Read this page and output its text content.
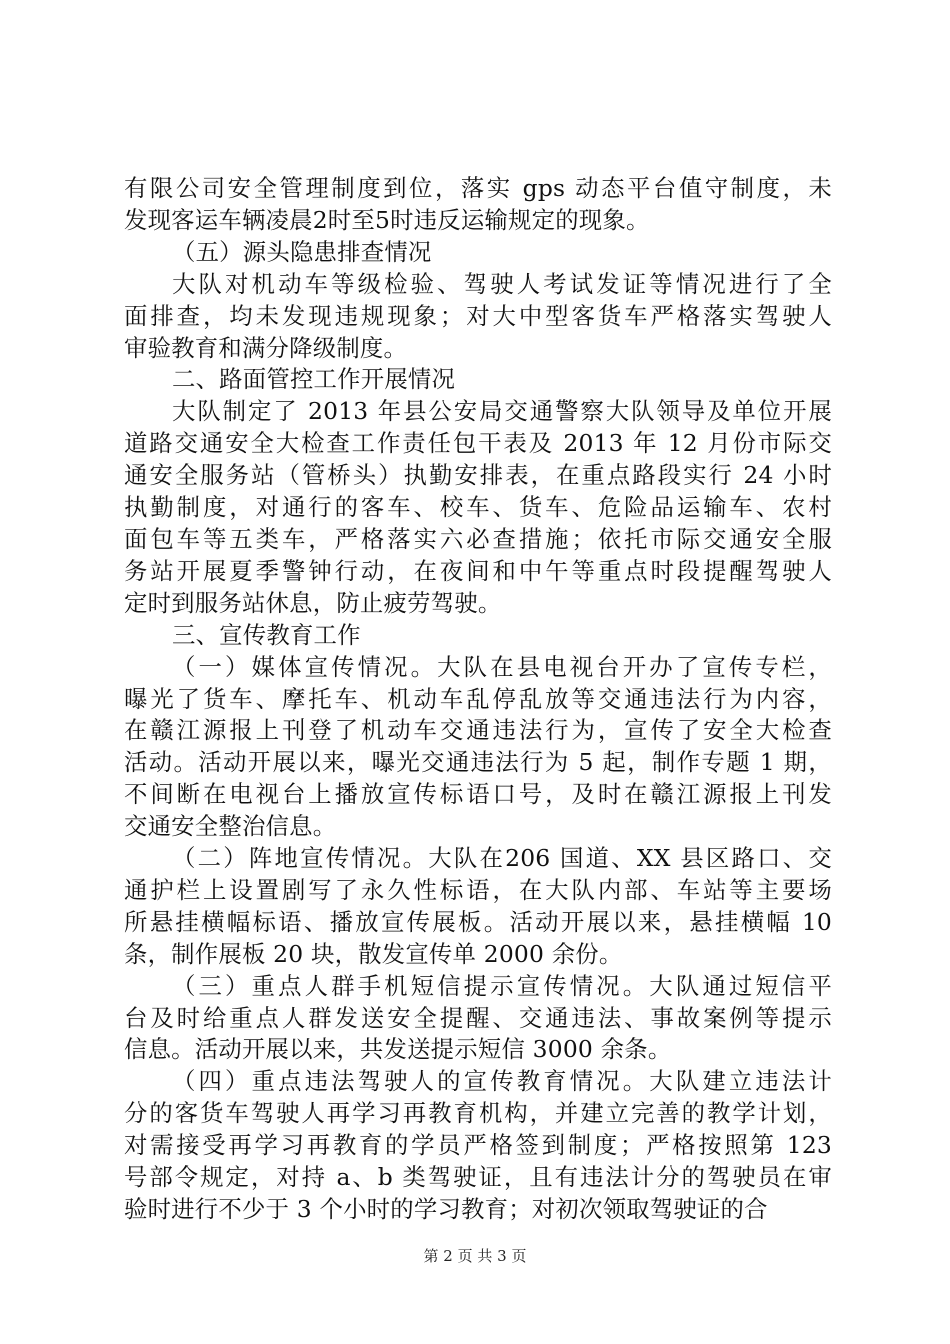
有限公司安全管理制度到位，落实 gps 动态平台值守制度，未
发现客运车辆凌晨2时至5时违反运输规定的现象。
（五）源头隐患排查情况
大队对机动车等级检验、驾驶人考试发证等情况进行了全
面排查，均未发现违规现象；对大中型客货车严格落实驾驶人
审验教育和满分降级制度。
二、路面管控工作开展情况
大队制定了 2013 年县公安局交通警察大队领导及单位开展
道路交通安全大检查工作责任包干表及 2013 年 12 月份市际交
通安全服务站（管桥头）执勤安排表，在重点路段实行 24 小时
执勤制度，对通行的客车、校车、货车、危险品运输车、农村
面包车等五类车，严格落实六必查措施；依托市际交通安全服
务站开展夏季警钟行动，在夜间和中午等重点时段提醒驾驶人
定时到服务站休息，防止疲劳驾驶。
三、宣传教育工作
（一）媒体宣传情况。大队在县电视台开办了宣传专栏，
曝光了货车、摩托车、机动车乱停乱放等交通违法行为内容，
在赣江源报上刊登了机动车交通违法行为，宣传了安全大检查
活动。活动开展以来，曝光交通违法行为 5 起，制作专题 1 期，
不间断在电视台上播放宣传标语口号，及时在赣江源报上刊发
交通安全整治信息。
（二）阵地宣传情况。大队在206 国道、XX 县区路口、交
通护栏上设置剧写了永久性标语，在大队内部、车站等主要场
所悬挂横幅标语、播放宣传展板。活动开展以来，悬挂横幅 10
条，制作展板 20 块，散发宣传单 2000 余份。
（三）重点人群手机短信提示宣传情况。大队通过短信平
台及时给重点人群发送安全提醒、交通违法、事故案例等提示
信息。活动开展以来，共发送提示短信 3000 余条。
（四）重点违法驾驶人的宣传教育情况。大队建立违法计
分的客货车驾驶人再学习再教育机构，并建立完善的教学计划，
对需接受再学习再教育的学员严格签到制度；严格按照第 123
号部令规定，对持 a、b 类驾驶证，且有违法计分的驾驶员在审
验时进行不少于 3 个小时的学习教育；对初次领取驾驶证的合
第 2 页 共 3 页
